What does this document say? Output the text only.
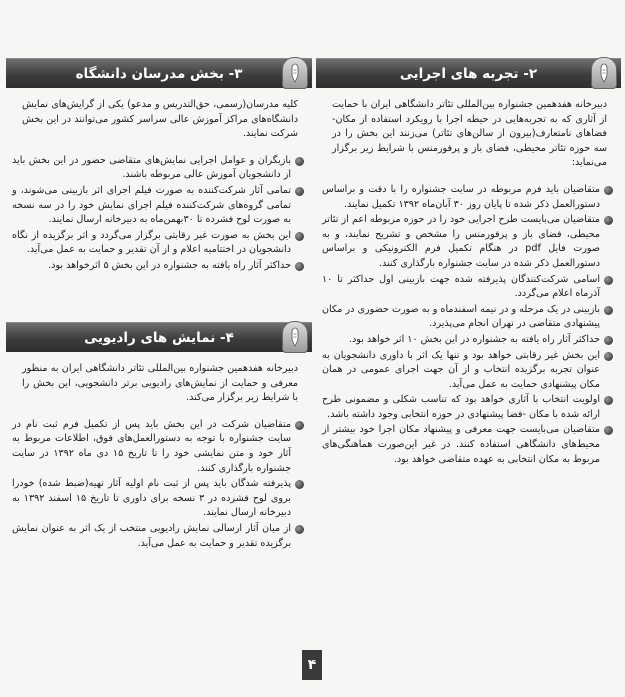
۲- تجربه های اجرایی

دبیرخانه هفدهمین جشنواره بین‌المللی تئاتر دانشگاهی ایران با حمایت از آثاری که به تجربه‌هایی در حیطه اجرا با رویکرد استفاده از مکان-فضاهای نامتعارف(بیرون از سالن‌های تئاتر) می‌زنند این بخش را در سه حوزه تئاتر محیطی، فضای باز و پرفورمنس با شرایط زیر برگزار می‌نماید:

متقاضیان باید فرم مربوطه در سایت جشنواره را با دقت و براساس دستورالعمل ذکر شده تا پایان روز ۳۰ آبان‌ماه ۱۳۹۲ تکمیل نمایند.
متقاضیان می‌بایست طرح اجرایی خود را در حوزه مربوطه اعم از تئاتر محیطی، فضای باز و پرفورمنس را مشخص و تشریح نمایند، و به صورت فایل pdf در هنگام تکمیل فرم الکترونیکی و براساس دستورالعمل ذکر شده در سایت جشنواره بارگذاری کنند.
اسامی شرکت‌کنندگان پذیرفته شده جهت بازبینی اول حداکثر تا ۱۰ آذرماه اعلام می‌گردد.
بازبینی در یک مرحله و در نیمه اسفندماه و به صورت حضوری در مکان پیشنهادی متقاضی در تهران انجام می‌پذیرد.
حداکثر آثار راه یافته به جشنواره در این بخش ۱۰ اثر خواهد بود.
این بخش غیر رقابتی خواهد بود و تنها یک اثر با داوری دانشجویان به عنوان تجربه برگزیده انتخاب و از آن جهت اجرای عمومی در همان مکان پیشنهادی حمایت به عمل می‌آید.
اولویت انتخاب با آثاری خواهد بود که تناسب شکلی و مضمونی طرح ارائه شده با مکان -فضا پیشنهادی در حوزه انتخابی وجود داشته باشد.
متقاضیان می‌بایست جهت معرفی و پیشنهاد مکان اجرا خود بیشتر از محیط‌های دانشگاهی استفاده کنند. در غیر این‌صورت هماهنگی‌های مربوط به مکان انتخابی به عهده متقاضی خواهد بود.
۳- بخش مدرسان دانشگاه

کلیه مدرسان(رسمی، حق‌التدریس و مدعو) یکی از گرایش‌های نمایش دانشگاه‌های مراکز آموزش عالی سراسر کشور می‌توانند در این بخش شرکت نمایند.

بازیگران و عوامل اجرایی نمایش‌های متقاضی حضور در این بخش باید از دانشجویان آموزش عالی مربوطه باشند.
تمامی آثار شرکت‌کننده به صورت فیلم اجرای اثر بازبینی می‌شوند، و تمامی گروه‌های شرکت‌کننده فیلم اجرای نمایش خود را در سه نسخه به صورت لوح فشرده تا ۳۰بهمن‌ماه به دبیرخانه ارسال نمایند.
این بخش به صورت غیر رقابتی برگزار می‌گردد و اثر برگزیده از نگاه دانشجویان در اختتامیه اعلام و از آن تقدیر و حمایت به عمل می‌آید.
حداکثر آثار راه یافته به جشنواره در این بخش ۵ اثرخواهد بود.
۴- نمایش های رادیویی

دبیرخانه هفدهمین جشنواره بین‌المللی تئاتر دانشگاهی ایران به منظور معرفی و حمایت از نمایش‌های رادیویی برتر دانشجویی، این بخش را با شرایط زیر برگزار می‌کند.

متقاضیان شرکت در این بخش باید پس از تکمیل فرم ثبت نام در سایت جشنواره با توجه به دستورالعمل‌های فوق، اطلاعات مربوط به آثار خود و متن نمایشی خود را تا تاریخ ۱۵ دی ماه ۱۳۹۲ در سایت جشنواره بارگذاری کنند.
پذیرفته شدگان باید پس از ثبت نام اولیه آثار تهیه(ضبط شده) خودرا بروی لوح فشرده در ۳ نسخه برای داوری تا تاریخ ۱۵ اسفند ۱۳۹۲ به دبیرخانه ارسال نمایند.
از میان آثار ارسالی نمایش رادیویی منتخب از یک اثر به عنوان نمایش برگزیده تقدیر و حمایت به عمل می‌آید.
۴
